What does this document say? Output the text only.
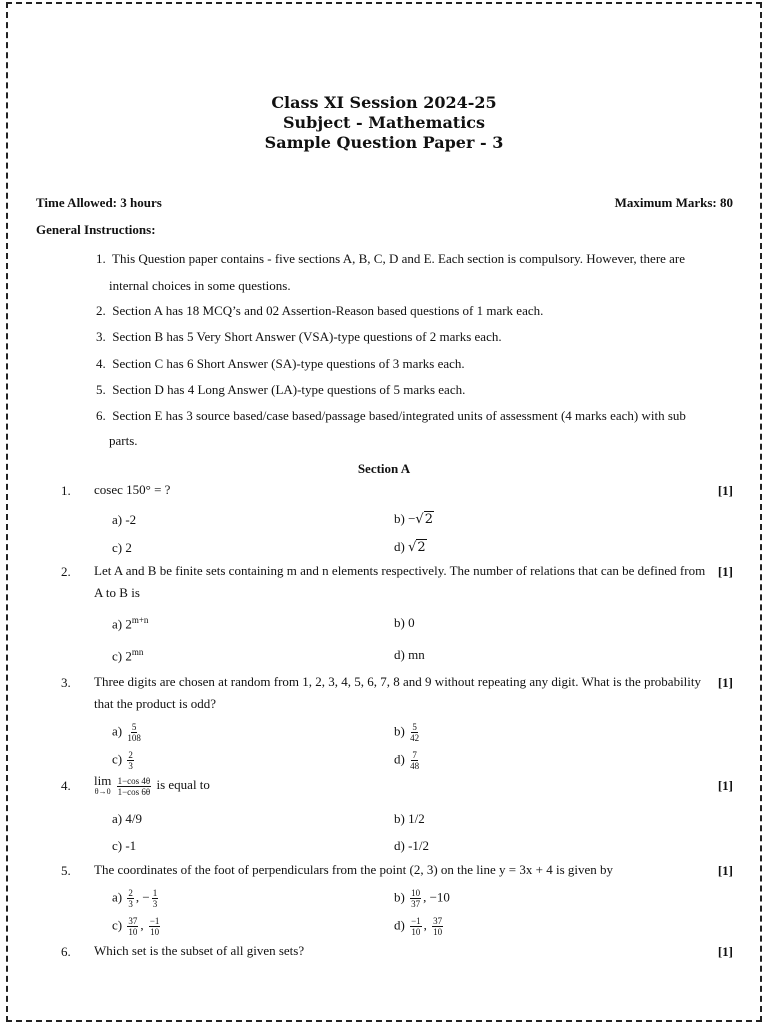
Class XI Session 2024-25
Subject - Mathematics
Sample Question Paper - 3
Time Allowed: 3 hours	Maximum Marks: 80
General Instructions:
1. This Question paper contains - five sections A, B, C, D and E. Each section is compulsory. However, there are
internal choices in some questions.
2. Section A has 18 MCQ’s and 02 Assertion-Reason based questions of 1 mark each.
3. Section B has 5 Very Short Answer (VSA)-type questions of 2 marks each.
4. Section C has 6 Short Answer (SA)-type questions of 3 marks each.
5. Section D has 4 Long Answer (LA)-type questions of 5 marks each.
6. Section E has 3 source based/case based/passage based/integrated units of assessment (4 marks each) with sub
parts.
Section A
1. cosec 150° = ?	[1]
a) -2	b) −√2
c) 2	d) √2
2. Let A and B be finite sets containing m and n elements respectively. The number of relations that can be defined from A to B is
[1]
a) $2^{m+n}$	b) 0
c) $2^{mn}$	d) mn
3. Three digits are chosen at random from 1, 2, 3, 4, 5, 6, 7, 8 and 9 without repeating any digit. What is the probability that the product is odd?
[1]
$a) \frac{5}{108}$	$b) \frac{5}{42}$
$c) \frac{2}{3}$	$d) \frac{7}{48}$
4. lim
θ→0
$\frac{1-\cos 4\theta}{1-\cos 6\theta}$ is equal to	[1]
a) 4/9	b) 1/2
c) -1	d) -1/2
5. The coordinates of the foot of perpendiculars from the point (2, 3) on the line y = 3x + 4 is given by	[1]
$a) \frac{2}{3}$ , − $\frac{1}{3}$	$b) \frac{10}{37}$ , −10
$c) \frac{37}{10}$ , $\frac{-1}{10}$	$d) \frac{-1}{10}$ , $\frac{37}{10}$
6. Which set is the subset of all given sets?	[1]
